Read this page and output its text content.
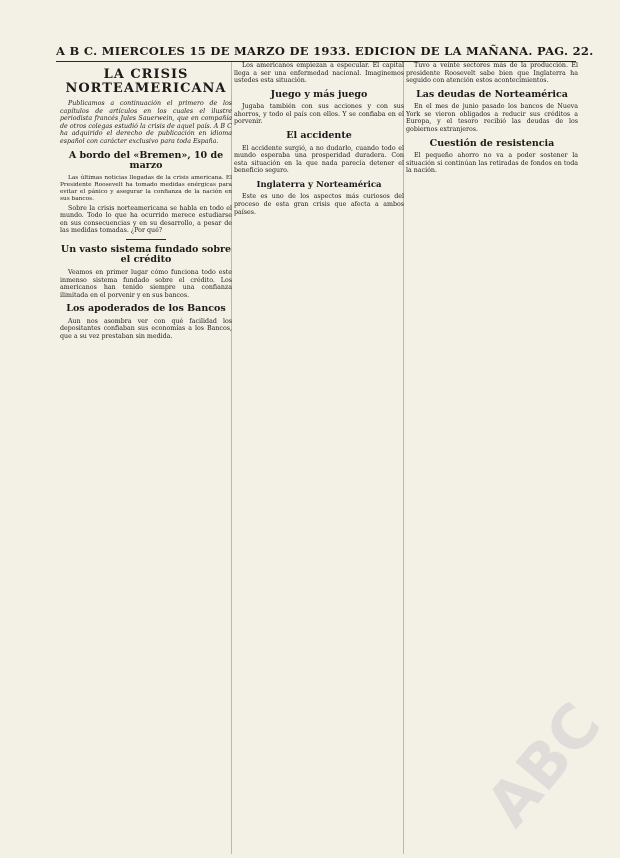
A B C. MIERCOLES 15 DE MARZO DE 1933. EDICION DE LA MAÑANA. PAG. 22.
LA CRISIS NORTEAMERICANA

Publicamos a continuación el primero de los capítulos de artículos en los cuales el ilustre periodista francés Jules Sauerwein, que en compañía de otros colegas estudió la crisis de aquel país. A B C ha adquirido el derecho de publicación en idioma español con carácter exclusivo para toda España.

A bordo del «Bremen», 10 de marzo

Las últimas noticias llegadas de la crisis americana. El Presidente Roosevelt ha tomado medidas enérgicas para evitar el pánico y asegurar la confianza de la nación en sus bancos.

Sobre la crisis norteamericana se habla en todo el mundo. Todo lo que ha ocurrido merece estudiarse en sus consecuencias y en su desarrollo, a pesar de las medidas tomadas. ¿Por qué?

Un vasto sistema fundado sobre el crédito

Veamos en primer lugar cómo funciona todo este inmenso sistema fundado sobre el crédito. Los americanos han tenido siempre una confianza ilimitada en el porvenir y en sus bancos.

Los apoderados de los Bancos

Aun nos asombra ver con qué facilidad los depositantes confiaban sus economías a los Bancos, que a su vez prestaban sin medida.

Los americanos empiezan a especular. El capital llega a ser una enfermedad nacional. Imaginemos ustedes esta situación.

Juego y más juego

Jugaba también con sus acciones y con sus ahorros, y todo el país con ellos. Y se confiaba en el porvenir.

El accidente

El accidente surgió, a no dudarlo, cuando todo el mundo esperaba una prosperidad duradera. Con esta situación en la que nada parecía detener el beneficio seguro.

Inglaterra y Norteamérica

Este es uno de los aspectos más curiosos del proceso de esta gran crisis que afecta a ambos países.

Tuvo a veinte sectores más de la producción. El presidente Roosevelt sabe bien que Inglaterra ha seguido con atención estos acontecimientos.

Las deudas de Norteamérica

En el mes de junio pasado los bancos de Nueva York se vieron obligados a reducir sus créditos a Europa, y el tesoro recibió las deudas de los gobiernos extranjeros.

Cuestión de resistencia

El pequeño ahorro no va a poder sostener la situación si continúan las retiradas de fondos en toda la nación.

ABC
